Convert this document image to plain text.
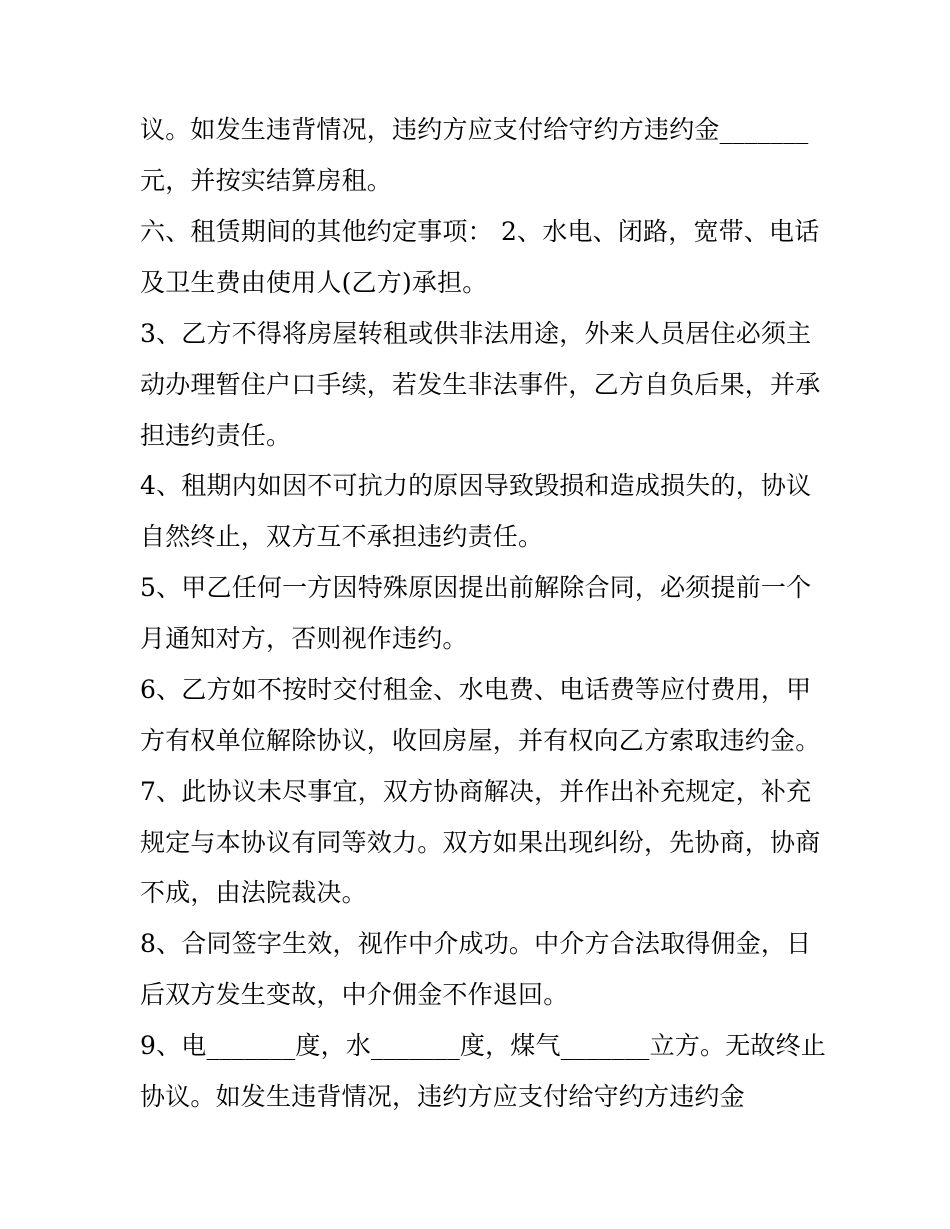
议。如发生违背情况，违约方应支付给守约方违约金_______
元，并按实结算房租。
六、租赁期间的其他约定事项： 2、水电、闭路，宽带、电话
及卫生费由使用人(乙方)承担。
3、乙方不得将房屋转租或供非法用途，外来人员居住必须主
动办理暂住户口手续，若发生非法事件，乙方自负后果，并承
担违约责任。
4、租期内如因不可抗力的原因导致毁损和造成损失的，协议
自然终止，双方互不承担违约责任。
5、甲乙任何一方因特殊原因提出前解除合同，必须提前一个
月通知对方，否则视作违约。
6、乙方如不按时交付租金、水电费、电话费等应付费用，甲
方有权单位解除协议，收回房屋，并有权向乙方索取违约金。
7、此协议未尽事宜，双方协商解决，并作出补充规定，补充
规定与本协议有同等效力。双方如果出现纠纷，先协商，协商
不成，由法院裁决。
8、合同签字生效，视作中介成功。中介方合法取得佣金，日
后双方发生变故，中介佣金不作退回。
9、电_______度，水_______度，煤气_______立方。无故终止
协议。如发生违背情况，违约方应支付给守约方违约金
